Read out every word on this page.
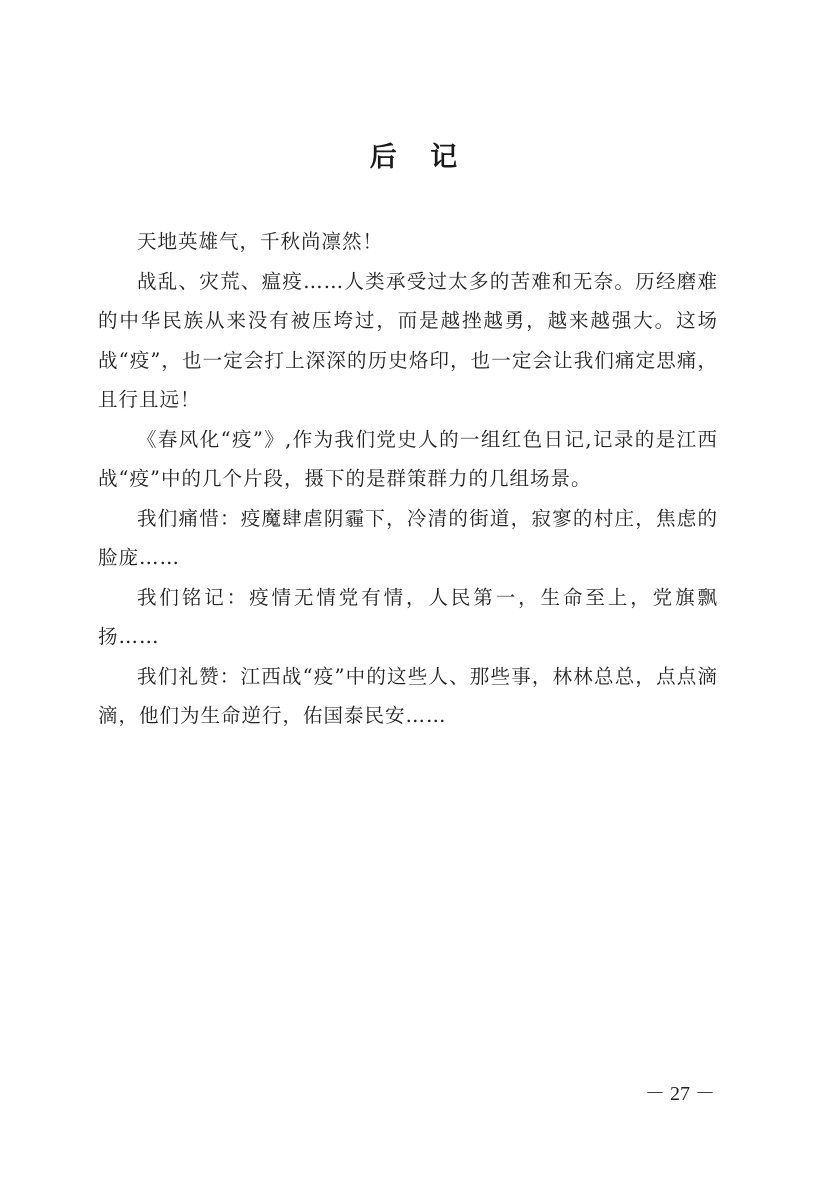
后 记

天地英雄气，千秋尚凛然！

战乱、灾荒、瘟疫……人类承受过太多的苦难和无奈。历经磨难的中华民族从来没有被压垮过，而是越挫越勇，越来越强大。这场战“疫”，也一定会打上深深的历史烙印，也一定会让我们痛定思痛，且行且远！

《春风化“疫”》,作为我们党史人的一组红色日记,记录的是江西战“疫”中的几个片段，摄下的是群策群力的几组场景。

我们痛惜：疫魔肆虐阴霾下，冷清的街道，寂寥的村庄，焦虑的脸庞……

我们铭记：疫情无情党有情，人民第一，生命至上，党旗飘扬……

我们礼赞：江西战“疫”中的这些人、那些事，林林总总，点点滴滴，他们为生命逆行，佑国泰民安……

－ 27 －
